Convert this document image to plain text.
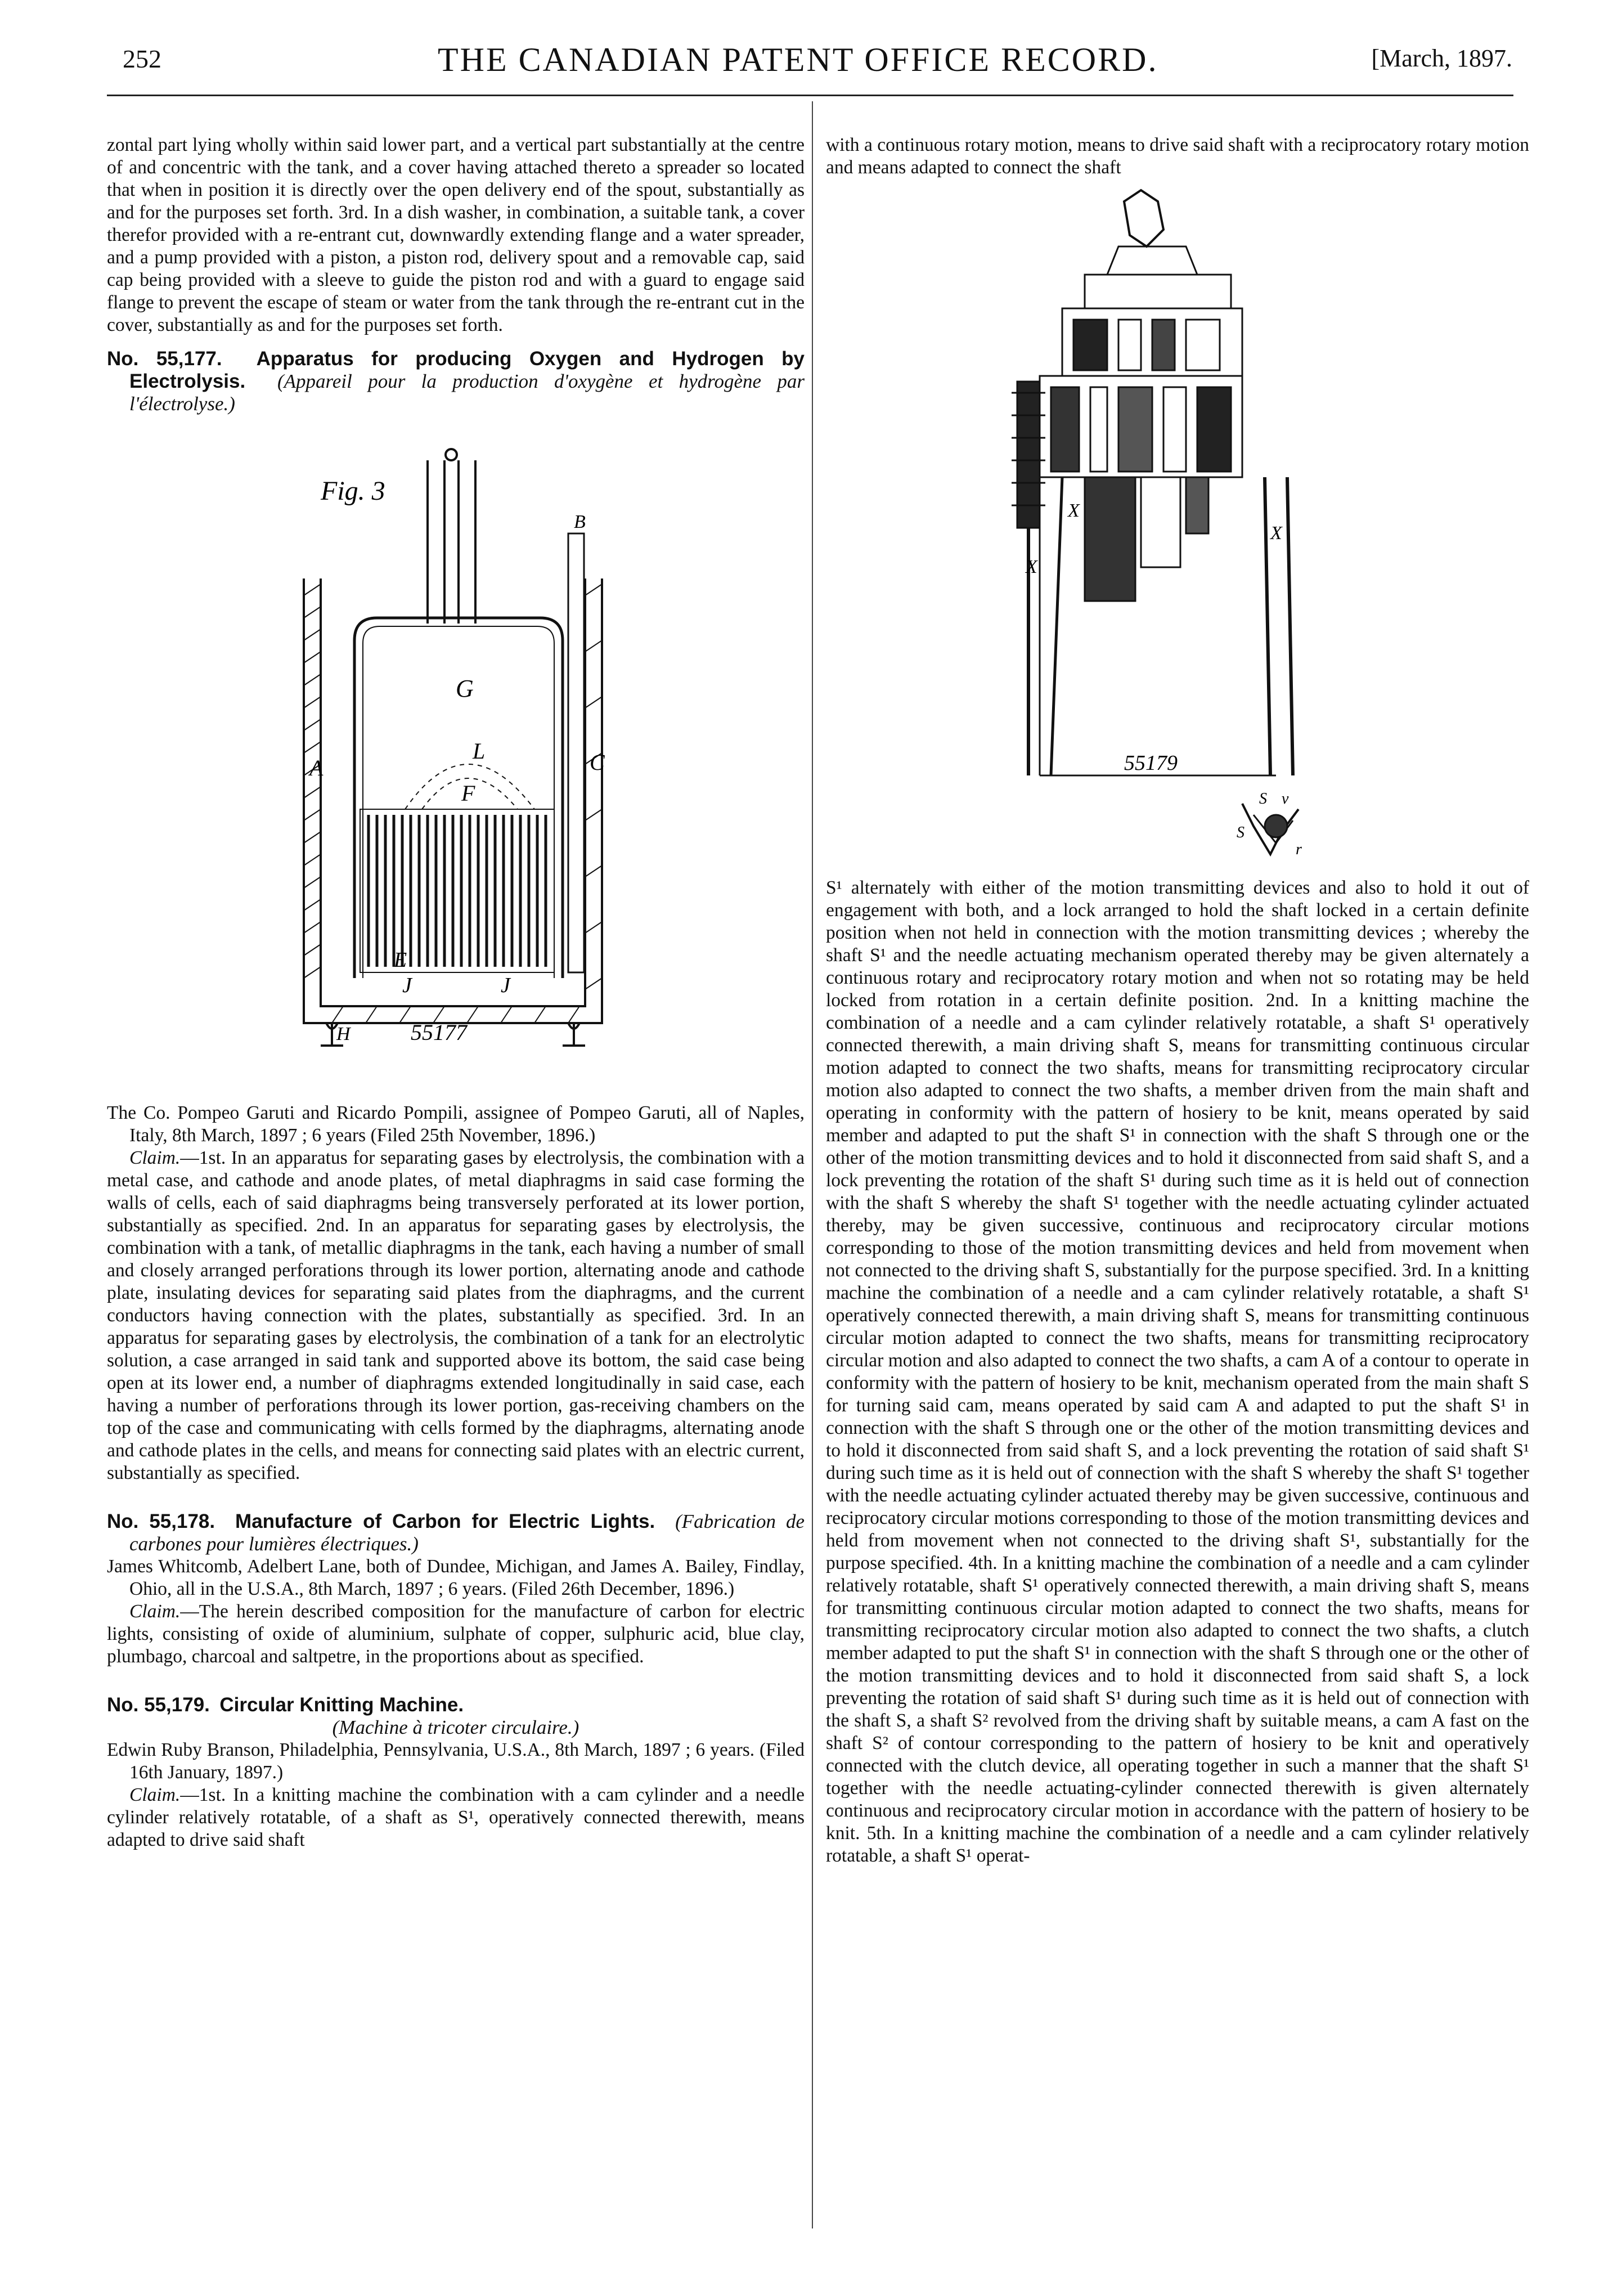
252	THE CANADIAN PATENT OFFICE RECORD.	[March, 1897.

zontal part lying wholly within said lower part, and a vertical part substantially at the centre of and concentric with the tank, and a cover having attached thereto a spreader so located that when in position it is directly over the open delivery end of the spout, substantially as and for the purposes set forth. 3rd. In a dish washer, in combination, a suitable tank, a cover therefor provided with a re-entrant cut, downwardly extending flange and a water spreader, and a pump provided with a piston, a piston rod, delivery spout and a removable cap, said cap being provided with a sleeve to guide the piston rod and with a guard to engage said flange to prevent the escape of steam or water from the tank through the re-entrant cut in the cover, substantially as and for the purposes set forth.

No. 55,177. Apparatus for producing Oxygen and Hydrogen by Electrolysis. (Appareil pour la production d'oxygène et hydrogène par l'électrolyse.)

Fig. 3
A	C
G
L
F
E
J	J
B
H	55177

The Co. Pompeo Garuti and Ricardo Pompili, assignee of Pompeo Garuti, all of Naples, Italy, 8th March, 1897 ; 6 years (Filed 25th November, 1896.)

Claim.—1st. In an apparatus for separating gases by electrolysis, the combination with a metal case, and cathode and anode plates, of metal diaphragms in said case forming the walls of cells, each of said diaphragms being transversely perforated at its lower portion, substantially as specified. 2nd. In an apparatus for separating gases by electrolysis, the combination with a tank, of metallic diaphragms in the tank, each having a number of small and closely arranged perforations through its lower portion, alternating anode and cathode plate, insulating devices for separating said plates from the diaphragms, and the current conductors having connection with the plates, substantially as specified. 3rd. In an apparatus for separating gases by electrolysis, the combination of a tank for an electrolytic solution, a case arranged in said tank and supported above its bottom, the said case being open at its lower end, a number of diaphragms extended longitudinally in said case, each having a number of perforations through its lower portion, gas-receiving chambers on the top of the case and communicating with cells formed by the diaphragms, alternating anode and cathode plates in the cells, and means for connecting said plates with an electric current, substantially as specified.

No. 55,178. Manufacture of Carbon for Electric Lights. (Fabrication de carbones pour lumières électriques.)

James Whitcomb, Adelbert Lane, both of Dundee, Michigan, and James A. Bailey, Findlay, Ohio, all in the U.S.A., 8th March, 1897 ; 6 years. (Filed 26th December, 1896.)

Claim.—The herein described composition for the manufacture of carbon for electric lights, consisting of oxide of aluminium, sulphate of copper, sulphuric acid, blue clay, plumbago, charcoal and saltpetre, in the proportions about as specified.

No. 55,179. Circular Knitting Machine.

(Machine à tricoter circulaire.)

Edwin Ruby Branson, Philadelphia, Pennsylvania, U.S.A., 8th March, 1897 ; 6 years. (Filed 16th January, 1897.)

Claim.—1st. In a knitting machine the combination with a cam cylinder and a needle cylinder relatively rotatable, of a shaft as S¹, operatively connected therewith, means adapted to drive said shaft

with a continuous rotary motion, means to drive said shaft with a reciprocatory rotary motion and means adapted to connect the shaft

X
X
X
S
S
v
r
55179

S¹ alternately with either of the motion transmitting devices and also to hold it out of engagement with both, and a lock arranged to hold the shaft locked in a certain definite position when not held in connection with the motion transmitting devices ; whereby the shaft S¹ and the needle actuating mechanism operated thereby may be given alternately a continuous rotary and reciprocatory rotary motion and when not so rotating may be held locked from rotation in a certain definite position. 2nd. In a knitting machine the combination of a needle and a cam cylinder relatively rotatable, a shaft S¹ operatively connected therewith, a main driving shaft S, means for transmitting continuous circular motion adapted to connect the two shafts, means for transmitting reciprocatory circular motion also adapted to connect the two shafts, a member driven from the main shaft and operating in conformity with the pattern of hosiery to be knit, means operated by said member and adapted to put the shaft S¹ in connection with the shaft S through one or the other of the motion transmitting devices and to hold it disconnected from said shaft S, and a lock preventing the rotation of the shaft S¹ during such time as it is held out of connection with the shaft S whereby the shaft S¹ together with the needle actuating cylinder actuated thereby, may be given successive, continuous and reciprocatory circular motions corresponding to those of the motion transmitting devices and held from movement when not connected to the driving shaft S, substantially for the purpose specified. 3rd. In a knitting machine the combination of a needle and a cam cylinder relatively rotatable, a shaft S¹ operatively connected therewith, a main driving shaft S, means for transmitting continuous circular motion adapted to connect the two shafts, means for transmitting reciprocatory circular motion and also adapted to connect the two shafts, a cam A of a contour to operate in conformity with the pattern of hosiery to be knit, mechanism operated from the main shaft S for turning said cam, means operated by said cam A and adapted to put the shaft S¹ in connection with the shaft S through one or the other of the motion transmitting devices and to hold it disconnected from said shaft S, and a lock preventing the rotation of said shaft S¹ during such time as it is held out of connection with the shaft S whereby the shaft S¹ together with the needle actuating cylinder actuated thereby may be given successive, continuous and reciprocatory circular motions corresponding to those of the motion transmitting devices and held from movement when not connected to the driving shaft S¹, substantially for the purpose specified. 4th. In a knitting machine the combination of a needle and a cam cylinder relatively rotatable, shaft S¹ operatively connected therewith, a main driving shaft S, means for transmitting continuous circular motion adapted to connect the two shafts, means for transmitting reciprocatory circular motion also adapted to connect the two shafts, a clutch member adapted to put the shaft S¹ in connection with the shaft S through one or the other of the motion transmitting devices and to hold it disconnected from said shaft S, a lock preventing the rotation of said shaft S¹ during such time as it is held out of connection with the shaft S, a shaft S² revolved from the driving shaft by suitable means, a cam A fast on the shaft S² of contour corresponding to the pattern of hosiery to be knit and operatively connected with the clutch device, all operating together in such a manner that the shaft S¹ together with the needle actuating-cylinder connected therewith is given alternately continuous and reciprocatory circular motion in accordance with the pattern of hosiery to be knit. 5th. In a knitting machine the combination of a needle and a cam cylinder relatively rotatable, a shaft S¹ operat-
